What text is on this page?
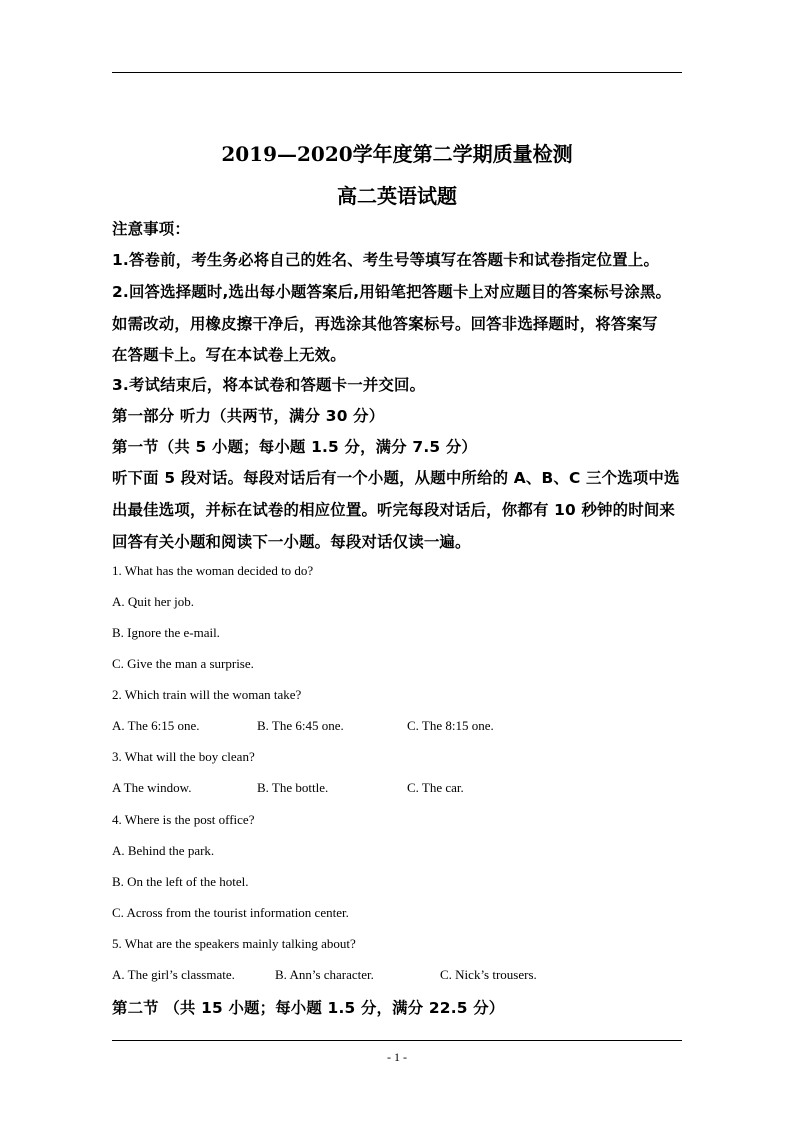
2019—2020学年度第二学期质量检测
高二英语试题
注意事项：
1.答卷前，考生务必将自己的姓名、考生号等填写在答题卡和试卷指定位置上。
2.回答选择题时,选出每小题答案后,用铅笔把答题卡上对应题目的答案标号涂黑。
如需改动，用橡皮擦干净后，再选涂其他答案标号。回答非选择题时，将答案写
在答题卡上。写在本试卷上无效。
3.考试结束后，将本试卷和答题卡一并交回。
第一部分 听力（共两节，满分 30 分）
第一节（共 5 小题；每小题 1.5 分，满分 7.5 分）
听下面 5 段对话。每段对话后有一个小题，从题中所给的 A、B、C 三个选项中选
出最佳选项，并标在试卷的相应位置。听完每段对话后，你都有 10 秒钟的时间来
回答有关小题和阅读下一小题。每段对话仅读一遍。
1. What has the woman decided to do?
A. Quit her job.
B. Ignore the e-mail.
C. Give the man a surprise.
2. Which train will the woman take?
A. The 6:15 one.	B. The 6:45 one.	C. The 8:15 one.
3. What will the boy clean?
A The window.	B. The bottle.	C. The car.
4. Where is the post office?
A. Behind the park.
B. On the left of the hotel.
C. Across from the tourist information center.
5. What are the speakers mainly talking about?
A. The girl’s classmate.	B. Ann’s character.	C. Nick’s trousers.
第二节 （共 15 小题；每小题 1.5 分，满分 22.5 分）
- 1 -
